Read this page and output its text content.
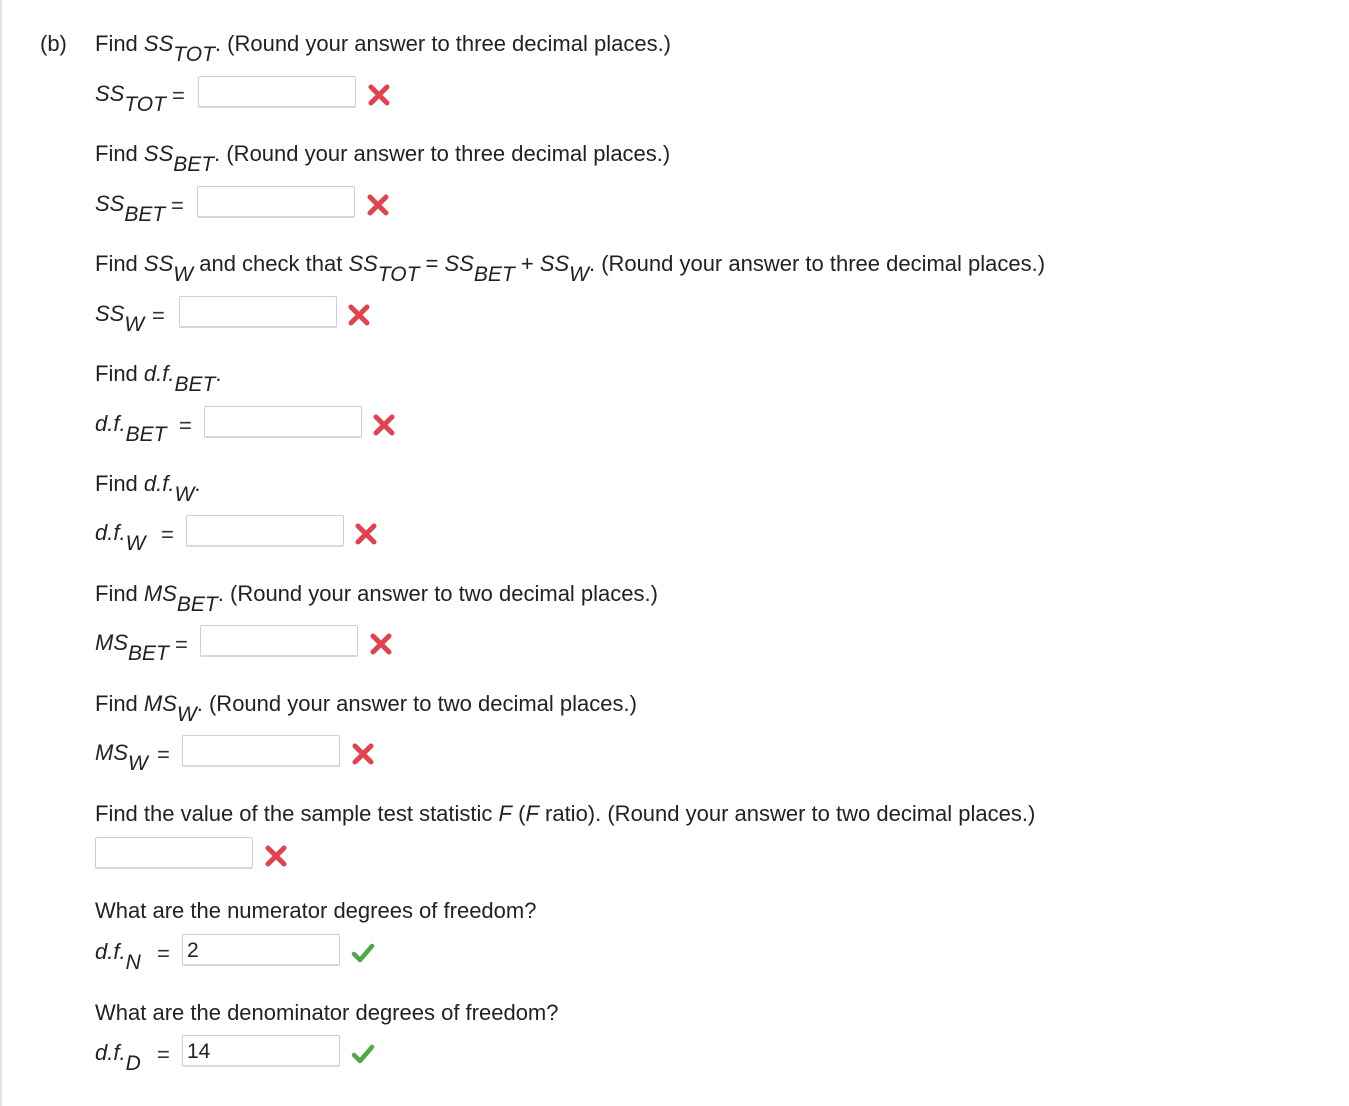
(b) Find SSTOT. (Round your answer to three decimal places.)
SSTOT =
Find SSBET. (Round your answer to three decimal places.)
SSBET =
Find SSW and check that SSTOT = SSBET + SSW. (Round your answer to three decimal places.)
SSW =
Find d.f.BET.
d.f.BET =
Find d.f.W.
d.f.W =
Find MSBET. (Round your answer to two decimal places.)
MSBET =
Find MSW. (Round your answer to two decimal places.)
MSW =
Find the value of the sample test statistic F (F ratio). (Round your answer to two decimal places.)
What are the numerator degrees of freedom?
d.f.N = 2
What are the denominator degrees of freedom?
d.f.D = 14
